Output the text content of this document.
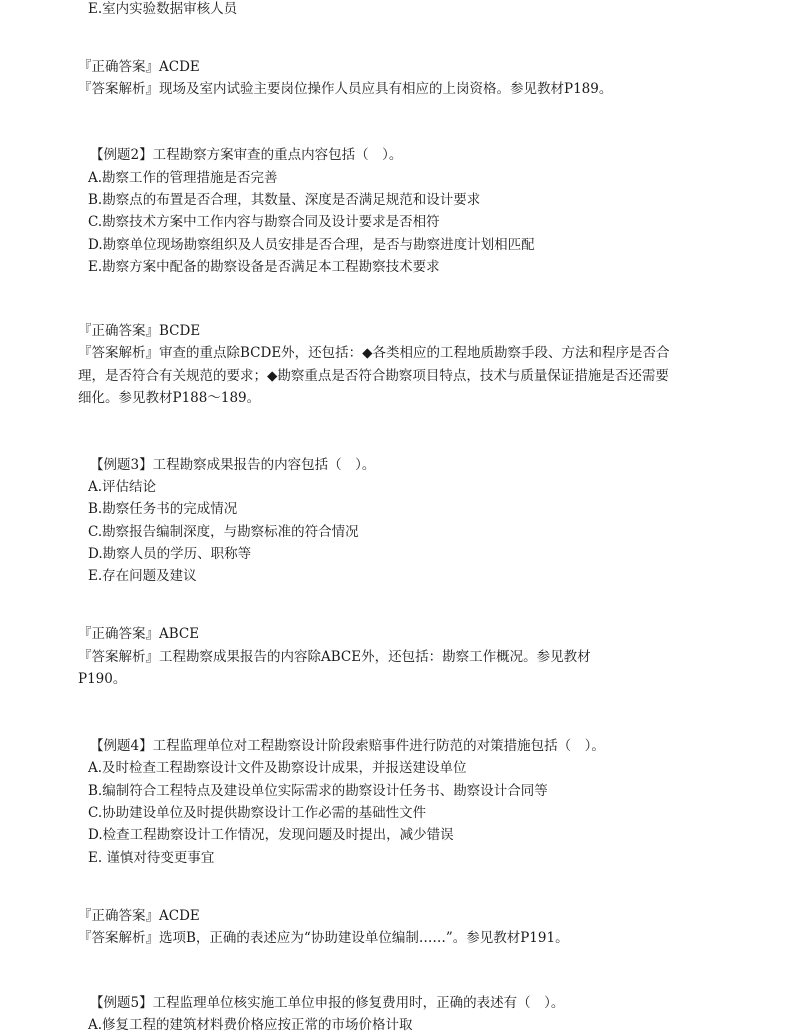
E.室内实验数据审核人员
『正确答案』ACDE
『答案解析』现场及室内试验主要岗位操作人员应具有相应的上岗资格。参见教材P189。
【例题2】工程勘察方案审查的重点内容包括（　）。
A.勘察工作的管理措施是否完善
B.勘察点的布置是否合理，其数量、深度是否满足规范和设计要求
C.勘察技术方案中工作内容与勘察合同及设计要求是否相符
D.勘察单位现场勘察组织及人员安排是否合理，是否与勘察进度计划相匹配
E.勘察方案中配备的勘察设备是否满足本工程勘察技术要求
『正确答案』BCDE
『答案解析』审查的重点除BCDE外，还包括：◆各类相应的工程地质勘察手段、方法和程序是否合
理，是否符合有关规范的要求；◆勘察重点是否符合勘察项目特点，技术与质量保证措施是否还需要
细化。参见教材P188～189。
【例题3】工程勘察成果报告的内容包括（　）。
A.评估结论
B.勘察任务书的完成情况
C.勘察报告编制深度，与勘察标准的符合情况
D.勘察人员的学历、职称等
E.存在问题及建议
『正确答案』ABCE
『答案解析』工程勘察成果报告的内容除ABCE外，还包括：勘察工作概况。参见教材
P190。
【例题4】工程监理单位对工程勘察设计阶段索赔事件进行防范的对策措施包括（　）。
A.及时检查工程勘察设计文件及勘察设计成果，并报送建设单位
B.编制符合工程特点及建设单位实际需求的勘察设计任务书、勘察设计合同等
C.协助建设单位及时提供勘察设计工作必需的基础性文件
D.检查工程勘察设计工作情况，发现问题及时提出，减少错误
E. 谨慎对待变更事宜
『正确答案』ACDE
『答案解析』选项B，正确的表述应为“协助建设单位编制……”。参见教材P191。
【例题5】工程监理单位核实施工单位申报的修复费用时，正确的表述有（　）。
A.修复工程的建筑材料费价格应按正常的市场价格计取
